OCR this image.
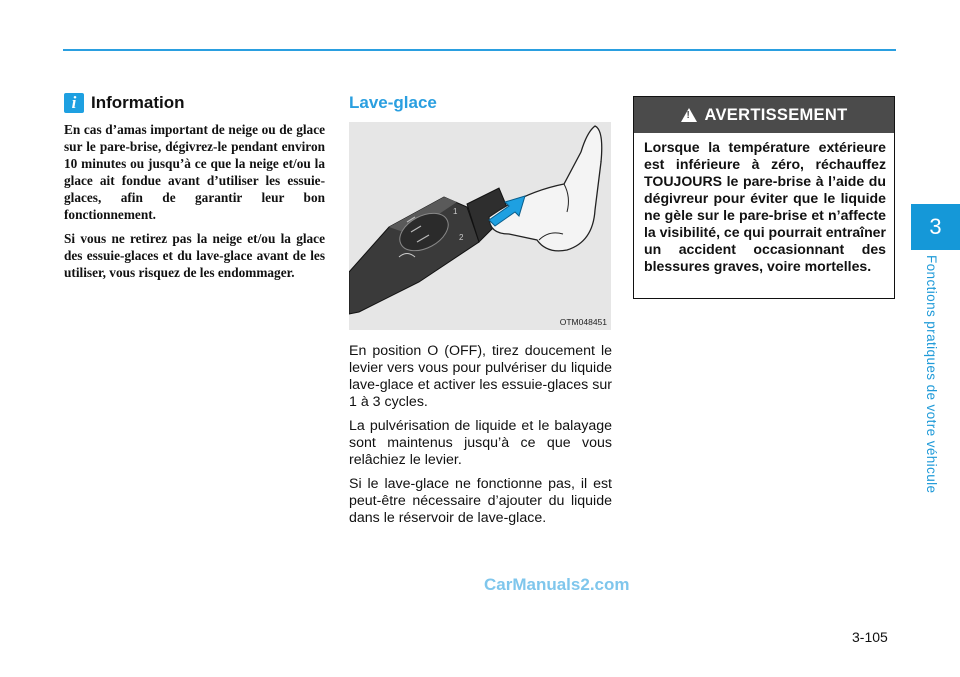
3
Fonctions pratiques de votre véhicule
i Information

En cas d’amas important de neige ou de glace sur le pare-brise, dégivrez-le pendant environ 10 minutes ou jusqu’à ce que la neige et/ou la glace ait fondue avant d’utiliser les essuie-glaces, afin de garantir leur bon fonctionnement.

Si vous ne retirez pas la neige et/ou la glace des essuie-glaces et du lave-glace avant de les utiliser, vous risquez de les endommager.

Lave-glace
2
1
OTM048451

En position O (OFF), tirez doucement le levier vers vous pour pulvériser du liquide lave-glace et activer les essuie-glaces sur 1 à 3 cycles.

La pulvérisation de liquide et le balayage sont maintenus jusqu’à ce que vous relâchiez le levier.

Si le lave-glace ne fonctionne pas, il est peut-être nécessaire d’ajouter du liquide dans le réservoir de lave-glace.

! AVERTISSEMENT
Lorsque la température extérieure est inférieure à zéro, réchauffez TOUJOURS le pare-brise à l’aide du dégivreur pour éviter que le liquide ne gèle sur le pare-brise et n’affecte la visibilité, ce qui pourrait entraîner un accident occasionnant des blessures graves, voire mortelles.
CarManuals2.com
3-105
